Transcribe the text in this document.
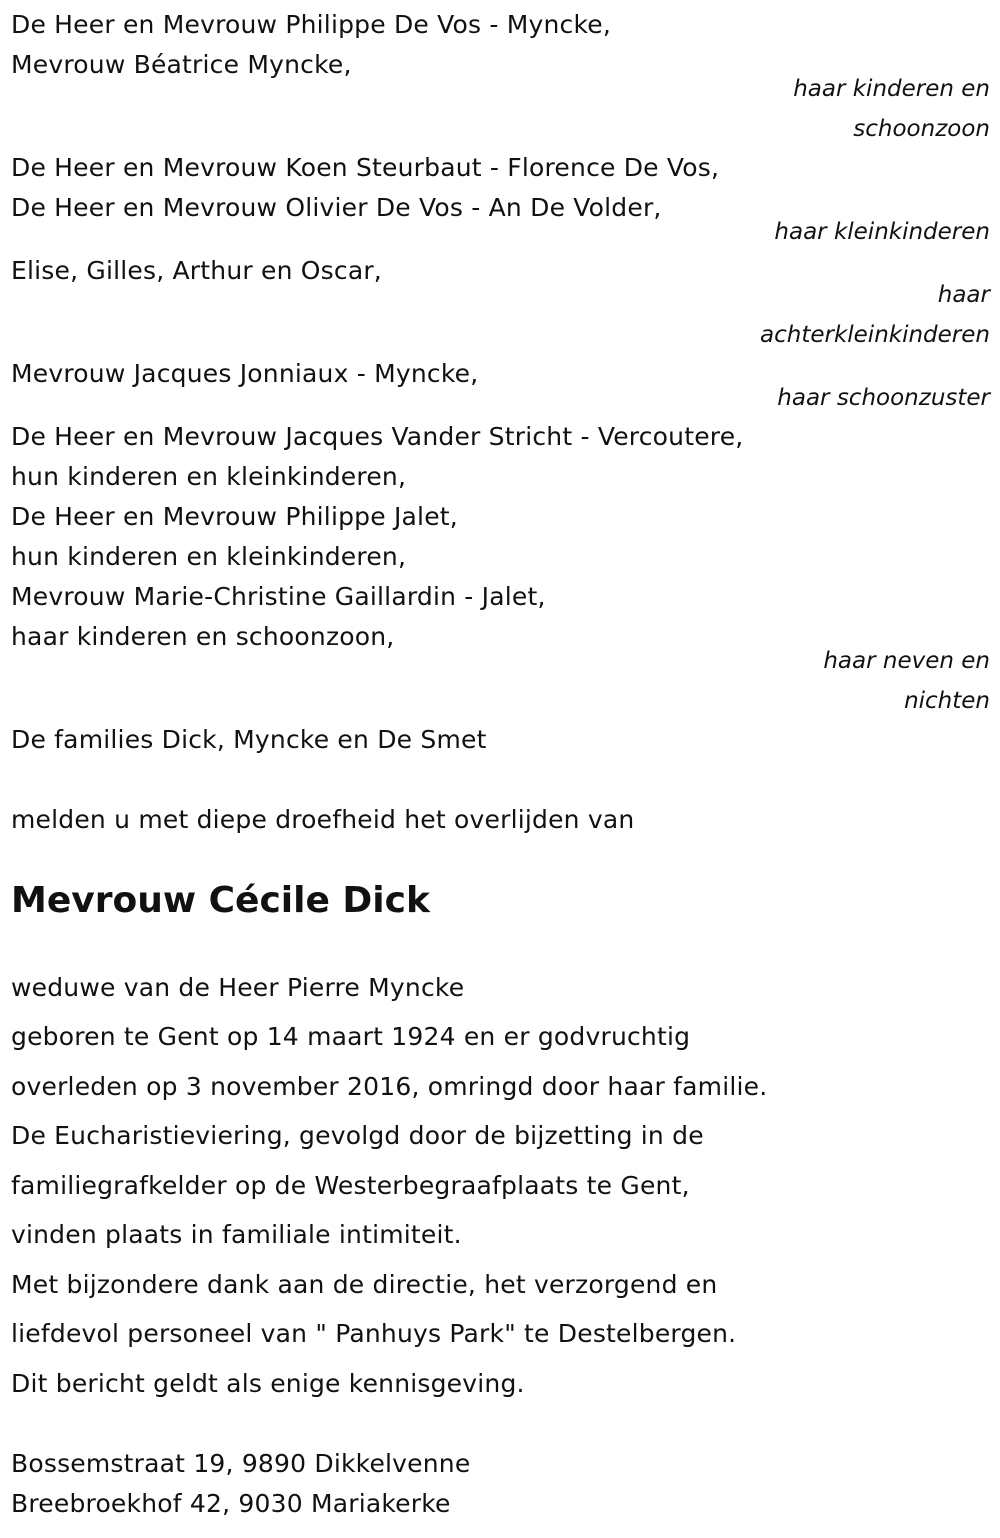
De Heer en Mevrouw Philippe De Vos - Myncke,
Mevrouw Béatrice Myncke,
haar kinderen en
schoonzoon
De Heer en Mevrouw Koen Steurbaut - Florence De Vos,
De Heer en Mevrouw Olivier De Vos - An De Volder,
haar kleinkinderen
Elise, Gilles, Arthur en Oscar,
haar
achterkleinkinderen
Mevrouw Jacques Jonniaux - Myncke,
haar schoonzuster
De Heer en Mevrouw Jacques Vander Stricht - Vercoutere,
hun kinderen en kleinkinderen,
De Heer en Mevrouw Philippe Jalet,
hun kinderen en kleinkinderen,
Mevrouw Marie-Christine Gaillardin - Jalet,
haar kinderen en schoonzoon,
haar neven en
nichten
De families Dick, Myncke en De Smet
melden u met diepe droefheid het overlijden van
Mevrouw Cécile Dick
weduwe van de Heer Pierre Myncke
geboren te Gent op 14 maart 1924 en er godvruchtig
overleden op 3 november 2016, omringd door haar familie.
De Eucharistieviering, gevolgd door de bijzetting in de
familiegrafkelder op de Westerbegraafplaats te Gent,
vinden plaats in familiale intimiteit.
Met bijzondere dank aan de directie, het verzorgend en
liefdevol personeel van " Panhuys Park" te Destelbergen.
Dit bericht geldt als enige kennisgeving.
Bossemstraat 19, 9890 Dikkelvenne
Breebroekhof 42, 9030 Mariakerke
